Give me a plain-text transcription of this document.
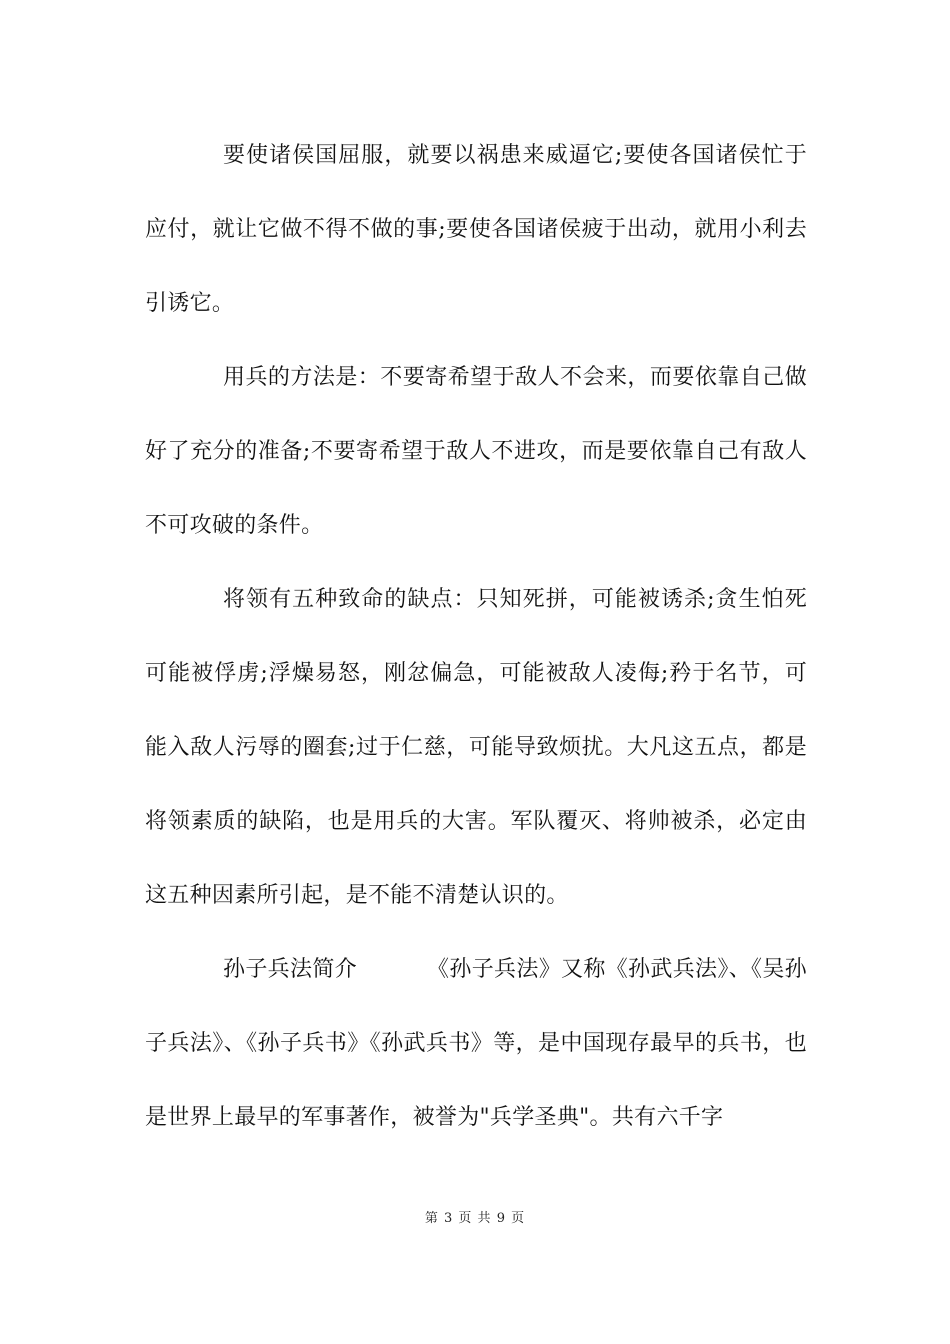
要使诸侯国屈服，就要以祸患来威逼它;要使各国诸侯忙于应付，就让它做不得不做的事;要使各国诸侯疲于出动，就用小利去引诱它。

用兵的方法是：不要寄希望于敌人不会来，而要依靠自己做好了充分的准备;不要寄希望于敌人不进攻，而是要依靠自己有敌人不可攻破的条件。

将领有五种致命的缺点：只知死拼，可能被诱杀;贪生怕死可能被俘虏;浮燥易怒，刚忿偏急，可能被敌人凌侮;矜于名节，可能入敌人污辱的圈套;过于仁慈，可能导致烦扰。大凡这五点，都是将领素质的缺陷，也是用兵的大害。军队覆灭、将帅被杀，必定由这五种因素所引起，是不能不清楚认识的。

孙子兵法简介	《孙子兵法》又称《孙武兵法》、《吴孙子兵法》、《孙子兵书》《孙武兵书》等，是中国现存最早的兵书，也是世界上最早的军事著作，被誉为"兵学圣典"。共有六千字

第 3 页 共 9 页
